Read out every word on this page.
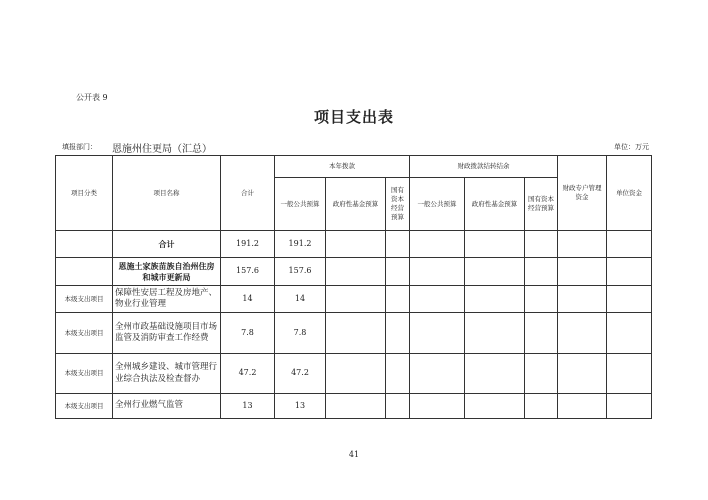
公开表 9
项目支出表
填报部门： 恩施州住更局（汇总）	单位：万元
项目分类	项目名称	合计	本年拨款			财政拨款结转结余			财政专户管理资金	单位资金
			一般公共预算	政府性基金预算	国有资本经营预算	一般公共预算	政府性基金预算	国有资本经营预算		
	合计	191.2	191.2							
	恩施土家族苗族自治州住房和城市更新局	157.6	157.6							
本级支出项目	保障性安居工程及房地产、物业行业管理	14	14							
本级支出项目	全州市政基础设施项目市场监管及消防审查工作经费	7.8	7.8							
本级支出项目	全州城乡建设、城市管理行业综合执法及检查督办	47.2	47.2							
本级支出项目	全州行业燃气监管	13	13							
41
